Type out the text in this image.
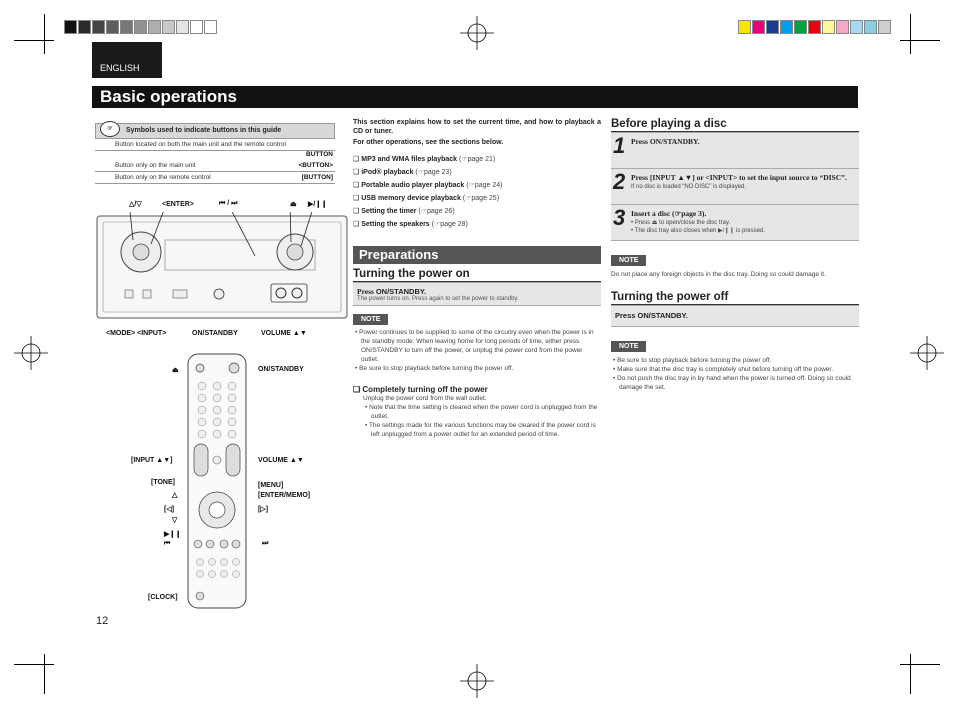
ENGLISH
Basic operations
☞	Symbols used to indicate buttons in this guide
Button located on both the main unit and the remote control
BUTTON
Button only on the main unit	<BUTTON>
Button only on the remote control	[BUTTON]
△/▽	<ENTER>	⏮ / ⏭	⏏ ▶/❙❙
<MODE> <INPUT>	ON/STANDBY	VOLUME ▲▼
⏏	ON/STANDBY
[INPUT ▲▼]	VOLUME ▲▼
[TONE]	[MENU]
△	[ENTER/MEMO]
[◁]	[▷]
▽
▶❙❙
⏮	⏭
[CLOCK]
12

This section explains how to set the current time, and how to playback a CD or tuner.

For other operations, see the sections below.

❑ MP3 and WMA files playback (☞page 21)
❑ iPod® playback (☞page 23)
❑ Portable audio player playback (☞page 24)
❑ USB memory device playback (☞page 25)
❑ Setting the timer (☞page 26)
❑ Setting the speakers (☞page 28)
Preparations
Turning the power on
Press ON/STANDBY.
The power turns on. Press again to set the power to standby.
NOTE
• Power continues to be supplied to some of the circuitry even when the power is in the standby mode. When leaving home for long periods of time, either press ON/STANDBY to turn off the power, or unplug the power cord from the power outlet.
• Be sure to stop playback before turning the power off.
❑ Completely turning off the power
Unplug the power cord from the wall outlet.
• Note that the time setting is cleared when the power cord is unplugged from the outlet.
• The settings made for the various functions may be cleared if the power cord is left unplugged from a power outlet for an extended period of time.
Before playing a disc
1 Press ON/STANDBY.
2 Press [INPUT ▲▼] or <INPUT> to set the input source to “DISC”.
If no disc is loaded “NO DISC” is displayed.
3 Insert a disc (☞page 3).
• Press ⏏ to open/close the disc tray.
• The disc tray also closes when ▶/❙❙ is pressed.
NOTE
Do not place any foreign objects in the disc tray. Doing so could damage it.
Turning the power off
Press ON/STANDBY.
NOTE
• Be sure to stop playback before turning the power off.
• Make sure that the disc tray is completely shut before turning off the power.
• Do not push the disc tray in by hand when the power is turned off. Doing so could damage the set.
